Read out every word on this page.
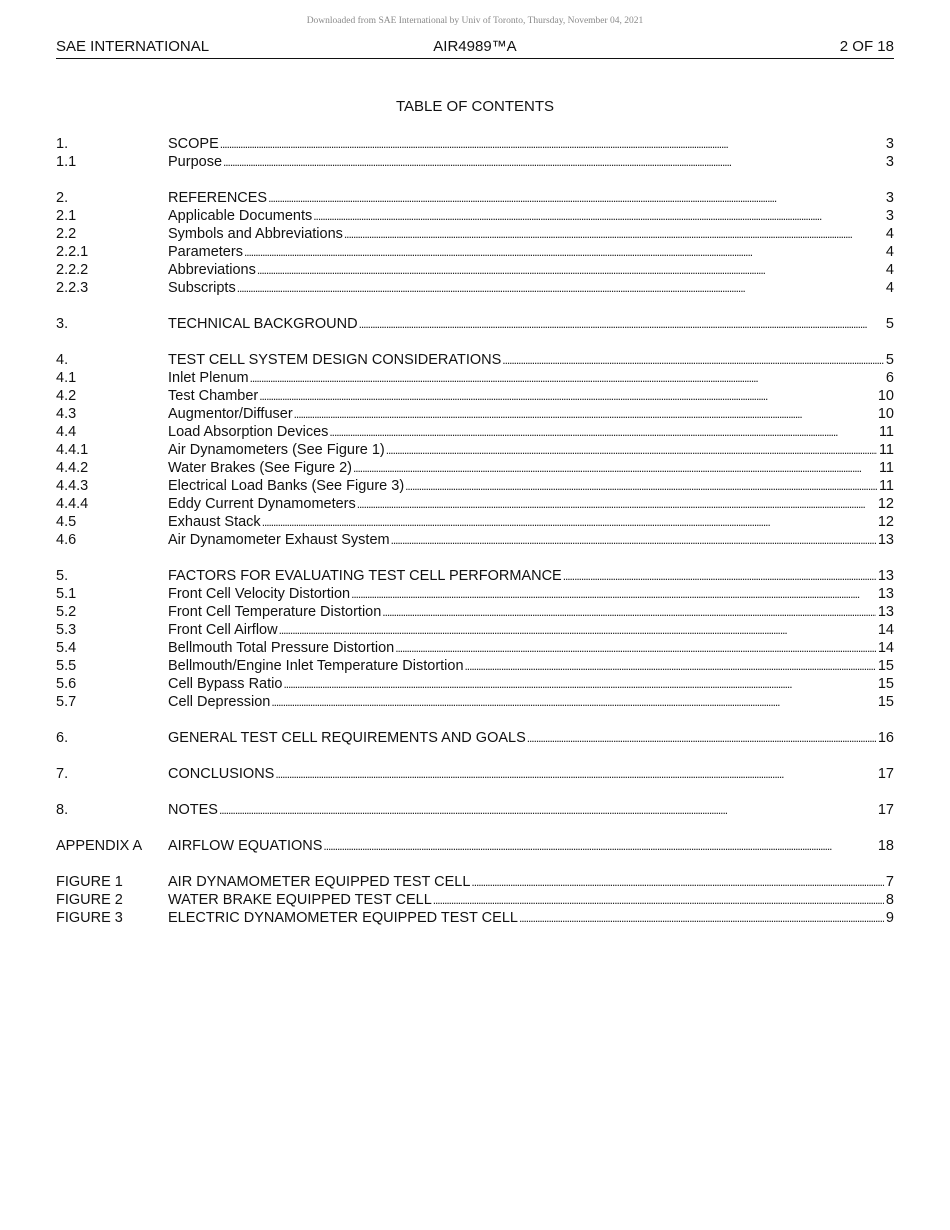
Downloaded from SAE International by Univ of Toronto, Thursday, November 04, 2021
SAE INTERNATIONAL	AIR4989™A	2 OF 18
TABLE OF CONTENTS
1.	SCOPE . . .	3
1.1	Purpose . . .	3
2.	REFERENCES . . .	3
2.1	Applicable Documents . . .	3
2.2	Symbols and Abbreviations . . .	4
2.2.1	Parameters . . .	4
2.2.2	Abbreviations . . .	4
2.2.3	Subscripts . . .	4
3.	TECHNICAL BACKGROUND . . .	5
4.	TEST CELL SYSTEM DESIGN CONSIDERATIONS . . .	5
4.1	Inlet Plenum . . .	6
4.2	Test Chamber . . .	10
4.3	Augmentor/Diffuser . . .	10
4.4	Load Absorption Devices . . .	11
4.4.1	Air Dynamometers (See Figure 1) . . .	11
4.4.2	Water Brakes (See Figure 2) . . .	11
4.4.3	Electrical Load Banks (See Figure 3) . . .	11
4.4.4	Eddy Current Dynamometers . . .	12
4.5	Exhaust Stack . . .	12
4.6	Air Dynamometer Exhaust System . . .	13
5.	FACTORS FOR EVALUATING TEST CELL PERFORMANCE . . .	13
5.1	Front Cell Velocity Distortion . . .	13
5.2	Front Cell Temperature Distortion . . .	13
5.3	Front Cell Airflow . . .	14
5.4	Bellmouth Total Pressure Distortion . . .	14
5.5	Bellmouth/Engine Inlet Temperature Distortion . . .	15
5.6	Cell Bypass Ratio . . .	15
5.7	Cell Depression . . .	15
6.	GENERAL TEST CELL REQUIREMENTS AND GOALS . . .	16
7.	CONCLUSIONS . . .	17
8.	NOTES . . .	17
APPENDIX A	AIRFLOW EQUATIONS . . .	18
FIGURE 1	AIR DYNAMOMETER EQUIPPED TEST CELL . . .	7
FIGURE 2	WATER BRAKE EQUIPPED TEST CELL . . .	8
FIGURE 3	ELECTRIC DYNAMOMETER EQUIPPED TEST CELL . . .	9
